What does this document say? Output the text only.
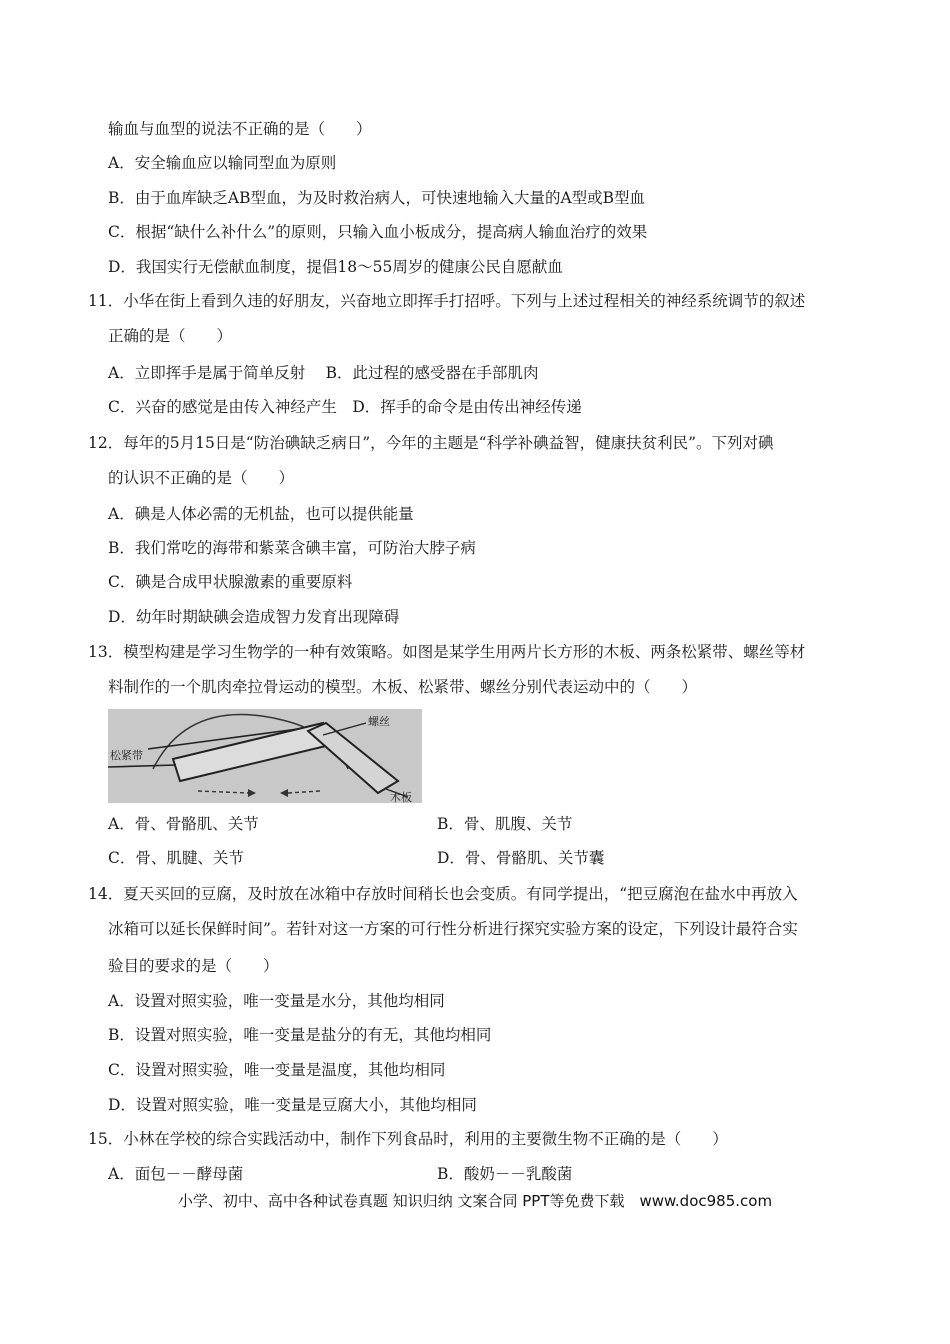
输血与血型的说法不正确的是（　　）
A．安全输血应以输同型血为原则
B．由于血库缺乏AB型血，为及时救治病人，可快速地输入大量的A型或B型血
C．根据“缺什么补什么”的原则，只输入血小板成分，提高病人输血治疗的效果
D．我国实行无偿献血制度，提倡18～55周岁的健康公民自愿献血
11．小华在街上看到久违的好朋友，兴奋地立即挥手打招呼。下列与上述过程相关的神经系统调节的叙述
正确的是（　　）
A．立即挥手是属于简单反射　 B．此过程的感受器在手部肌肉
C．兴奋的感觉是由传入神经产生　D．挥手的命令是由传出神经传递
12．每年的5月15日是“防治碘缺乏病日”，今年的主题是“科学补碘益智，健康扶贫利民”。下列对碘
的认识不正确的是（　　）
A．碘是人体必需的无机盐，也可以提供能量
B．我们常吃的海带和紫菜含碘丰富，可防治大脖子病
C．碘是合成甲状腺激素的重要原料
D．幼年时期缺碘会造成智力发育出现障碍
13．模型构建是学习生物学的一种有效策略。如图是某学生用两片长方形的木板、两条松紧带、螺丝等材
料制作的一个肌肉牵拉骨运动的模型。木板、松紧带、螺丝分别代表运动中的（　　）
螺丝
松紧带
木板
A．骨、骨骼肌、关节	B．骨、肌腹、关节
C．骨、肌腱、关节	D．骨、骨骼肌、关节囊
14．夏天买回的豆腐，及时放在冰箱中存放时间稍长也会变质。有同学提出，“把豆腐泡在盐水中再放入
冰箱可以延长保鲜时间”。若针对这一方案的可行性分析进行探究实验方案的设定，下列设计最符合实
验目的要求的是（　　）
A．设置对照实验，唯一变量是水分，其他均相同
B．设置对照实验，唯一变量是盐分的有无，其他均相同
C．设置对照实验，唯一变量是温度，其他均相同
D．设置对照实验，唯一变量是豆腐大小，其他均相同
15．小林在学校的综合实践活动中，制作下列食品时，利用的主要微生物不正确的是（　　）
A．面包－－酵母菌	B．酸奶－－乳酸菌
小学、初中、高中各种试卷真题 知识归纳 文案合同 PPT等免费下载　www.doc985.com
